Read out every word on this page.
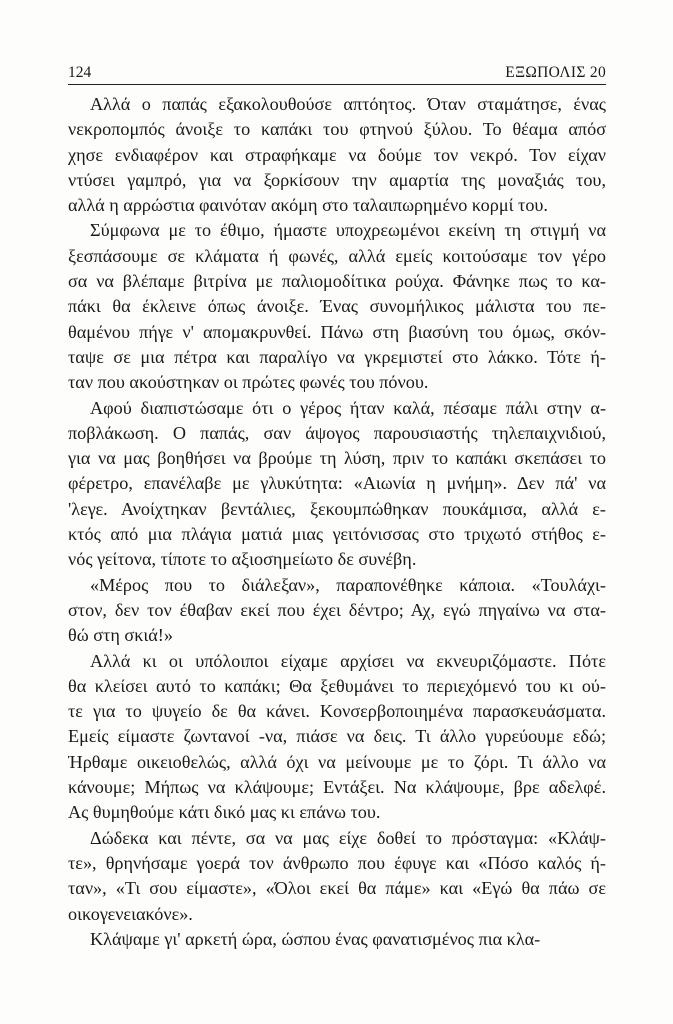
124	ΕΞΩΠΟΛΙΣ 20
Αλλά ο παπάς εξακολουθούσε απτόητος. Όταν σταμάτησε, ένας
νεκροπομπός άνοιξε το καπάκι του φτηνού ξύλου. Το θέαμα απόσ
χησε ενδιαφέρον και στραφήκαμε να δούμε τον νεκρό. Τον είχαν
ντύσει γαμπρό, για να ξορκίσουν την αμαρτία της μοναξιάς του,
αλλά η αρρώστια φαινόταν ακόμη στο ταλαιπωρημένο κορμί του.
Σύμφωνα με το έθιμο, ήμαστε υποχρεωμένοι εκείνη τη στιγμή να
ξεσπάσουμε σε κλάματα ή φωνές, αλλά εμείς κοιτούσαμε τον γέρο
σα να βλέπαμε βιτρίνα με παλιομοδίτικα ρούχα. Φάνηκε πως το κα-
πάκι θα έκλεινε όπως άνοιξε. Ένας συνομήλικος μάλιστα του πε-
θαμένου πήγε ν' απομακρυνθεί. Πάνω στη βιασύνη του όμως, σκόν-
ταψε σε μια πέτρα και παραλίγο να γκρεμιστεί στο λάκκο. Τότε ή-
ταν που ακούστηκαν οι πρώτες φωνές του πόνου.
Αφού διαπιστώσαμε ότι ο γέρος ήταν καλά, πέσαμε πάλι στην α-
ποβλάκωση. Ο παπάς, σαν άψογος παρουσιαστής τηλεπαιχνιδιού,
για να μας βοηθήσει να βρούμε τη λύση, πριν το καπάκι σκεπάσει το
φέρετρο, επανέλαβε με γλυκύτητα: «Αιωνία η μνήμη». Δεν πά' να
'λεγε. Ανοίχτηκαν βεντάλιες, ξεκουμπώθηκαν πουκάμισα, αλλά ε-
κτός από μια πλάγια ματιά μιας γειτόνισσας στο τριχωτό στήθος ε-
νός γείτονα, τίποτε το αξιοσημείωτο δε συνέβη.
«Μέρος που το διάλεξαν», παραπονέθηκε κάποια. «Τουλάχι-
στον, δεν τον έθαβαν εκεί που έχει δέντρο; Αχ, εγώ πηγαίνω να στα-
θώ στη σκιά!»
Αλλά κι οι υπόλοιποι είχαμε αρχίσει να εκνευριζόμαστε. Πότε
θα κλείσει αυτό το καπάκι; Θα ξεθυμάνει το περιεχόμενό του κι ού-
τε για το ψυγείο δε θα κάνει. Κονσερβοποιημένα παρασκευάσματα.
Εμείς είμαστε ζωντανοί -να, πιάσε να δεις. Τι άλλο γυρεύουμε εδώ;
Ήρθαμε οικειοθελώς, αλλά όχι να μείνουμε με το ζόρι. Τι άλλο να
κάνουμε; Μήπως να κλάψουμε; Εντάξει. Να κλάψουμε, βρε αδελφέ.
Ας θυμηθούμε κάτι δικό μας κι επάνω του.
Δώδεκα και πέντε, σα να μας είχε δοθεί το πρόσταγμα: «Κλάψ-
τε», θρηνήσαμε γοερά τον άνθρωπο που έφυγε και «Πόσο καλός ή-
ταν», «Τι σου είμαστε», «Όλοι εκεί θα πάμε» και «Εγώ θα πάω σε
οικογενειακόνε».
Κλάψαμε γι' αρκετή ώρα, ώσπου ένας φανατισμένος πια κλα-
